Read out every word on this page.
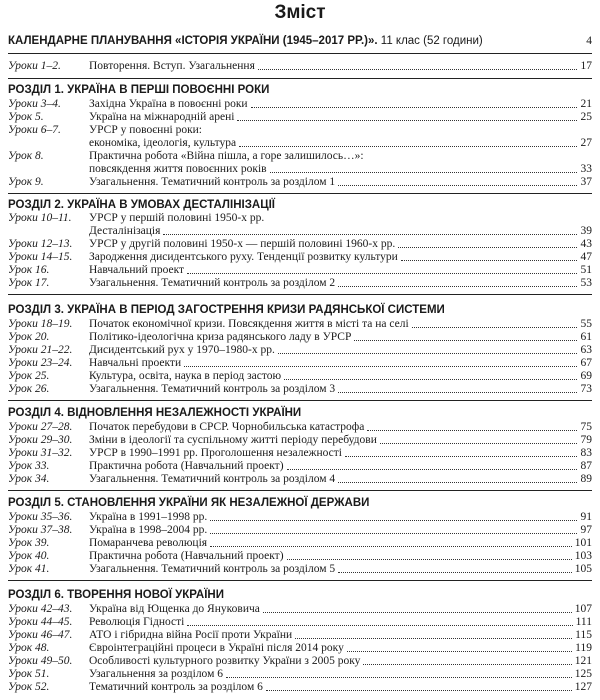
Зміст
КАЛЕНДАРНЕ ПЛАНУВАННЯ «ІСТОРІЯ УКРАЇНИ (1945–2017 РР.)». 11 клас (52 години)	4
Уроки 1–2. Повторення. Вступ. Узагальнення	17
РОЗДІЛ 1. УКРАЇНА В ПЕРШІ ПОВОЄННІ РОКИ
Уроки 3–4. Західна Україна в повоєнні роки	21
Урок 5.	Україна на міжнародній арені	25
Уроки 6–7. УРСР у повоєнні роки:
економіка, ідеологія, культура	27
Урок 8.	Практична робота «Війна пішла, а горе залишилось…»:
повсякдення життя повоєнних років	33
Урок 9.	Узагальнення. Тематичний контроль за розділом 1	37
РОЗДІЛ 2. УКРАЇНА В УМОВАХ ДЕСТАЛІНІЗАЦІЇ
Уроки 10–11. УРСР у першій половині 1950-х рр.
Десталінізація	39
Уроки 12–13. УРСР у другій половині 1950-х — першій половині 1960-х рр.	43
Уроки 14–15. Зародження дисидентського руху. Тенденції розвитку культури	47
Урок 16.	Навчальний проект	51
Урок 17.	Узагальнення. Тематичний контроль за розділом 2	53
РОЗДІЛ 3. УКРАЇНА В ПЕРІОД ЗАГОСТРЕННЯ КРИЗИ РАДЯНСЬКОЇ СИСТЕМИ
Уроки 18–19. Початок економічної кризи. Повсякдення життя в місті та на селі	55
Урок 20.	Політико-ідеологічна криза радянського ладу в УРСР	61
Уроки 21–22. Дисидентський рух у 1970–1980-х рр.	63
Уроки 23–24. Навчальні проекти	67
Урок 25.	Культура, освіта, наука в період застою	69
Урок 26.	Узагальнення. Тематичний контроль за розділом 3	73
РОЗДІЛ 4. ВІДНОВЛЕННЯ НЕЗАЛЕЖНОСТІ УКРАЇНИ
Уроки 27–28. Початок перебудови в СРСР. Чорнобильська катастрофа	75
Уроки 29–30. Зміни в ідеології та суспільному житті періоду перебудови	79
Уроки 31–32. УРСР в 1990–1991 рр. Проголошення незалежності	83
Урок 33.	Практична робота (Навчальний проект)	87
Урок 34.	Узагальнення. Тематичний контроль за розділом 4	89
РОЗДІЛ 5. СТАНОВЛЕННЯ УКРАЇНИ ЯК НЕЗАЛЕЖНОЇ ДЕРЖАВИ
Уроки 35–36. Україна в 1991–1998 рр.	91
Уроки 37–38. Україна в 1998–2004 рр.	97
Урок 39.	Помаранчева революція	101
Урок 40.	Практична робота (Навчальний проект)	103
Урок 41.	Узагальнення. Тематичний контроль за розділом 5	105
РОЗДІЛ 6. ТВОРЕННЯ НОВОЇ УКРАЇНИ
Уроки 42–43. Україна від Ющенка до Януковича	107
Уроки 44–45. Революція Гідності	111
Уроки 46–47. АТО і гібридна війна Росії проти України	115
Урок 48.	Євроінтеграційні процеси в Україні після 2014 року	119
Уроки 49–50. Особливості культурного розвитку України з 2005 року	121
Урок 51.	Узагальнення за розділом 6	125
Урок 52.	Тематичний контроль за розділом 6	127
